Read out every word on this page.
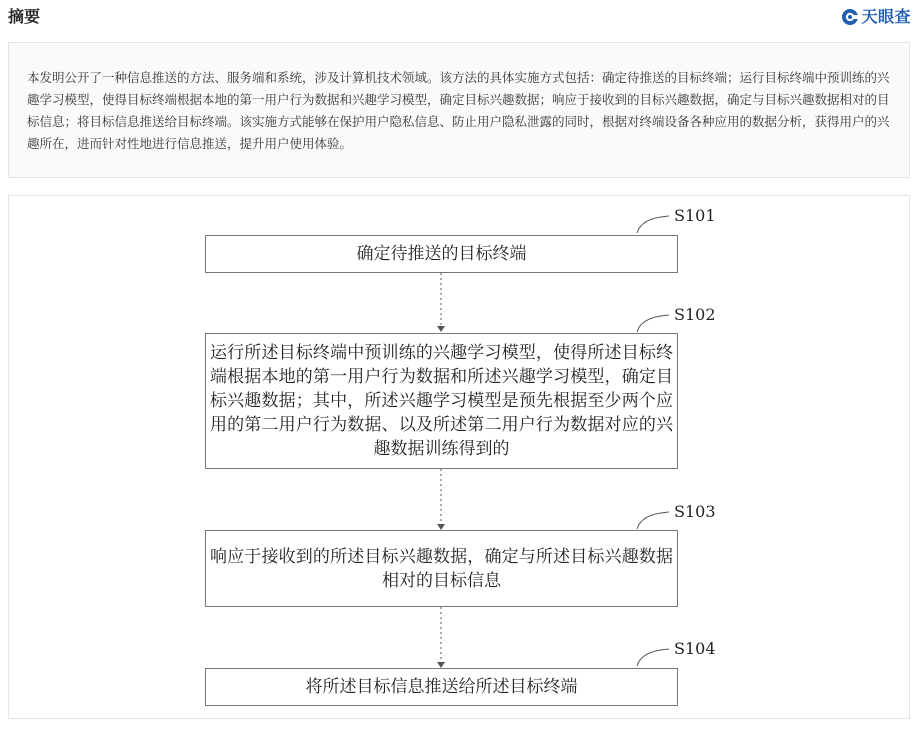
摘要	天眼查

本发明公开了一种信息推送的方法、服务端和系统，涉及计算机技术领域。该方法的具体实施方式包括：确定待推送的目标终端；运行目标终端中预训练的兴趣学习模型，使得目标终端根据本地的第一用户行为数据和兴趣学习模型，确定目标兴趣数据；响应于接收到的目标兴趣数据，确定与目标兴趣数据相对的目标信息；将目标信息推送给目标终端。该实施方式能够在保护用户隐私信息、防止用户隐私泄露的同时，根据对终端设备各种应用的数据分析，获得用户的兴趣所在，进而针对性地进行信息推送，提升用户使用体验。

确定待推送的目标终端
S101
运行所述目标终端中预训练的兴趣学习模型，使得所述目标终端根据本地的第一用户行为数据和所述兴趣学习模型，确定目标兴趣数据；其中，所述兴趣学习模型是预先根据至少两个应用的第二用户行为数据、以及所述第二用户行为数据对应的兴趣数据训练得到的
S102
响应于接收到的所述目标兴趣数据，确定与所述目标兴趣数据相对的目标信息
S103
将所述目标信息推送给所述目标终端
S104
